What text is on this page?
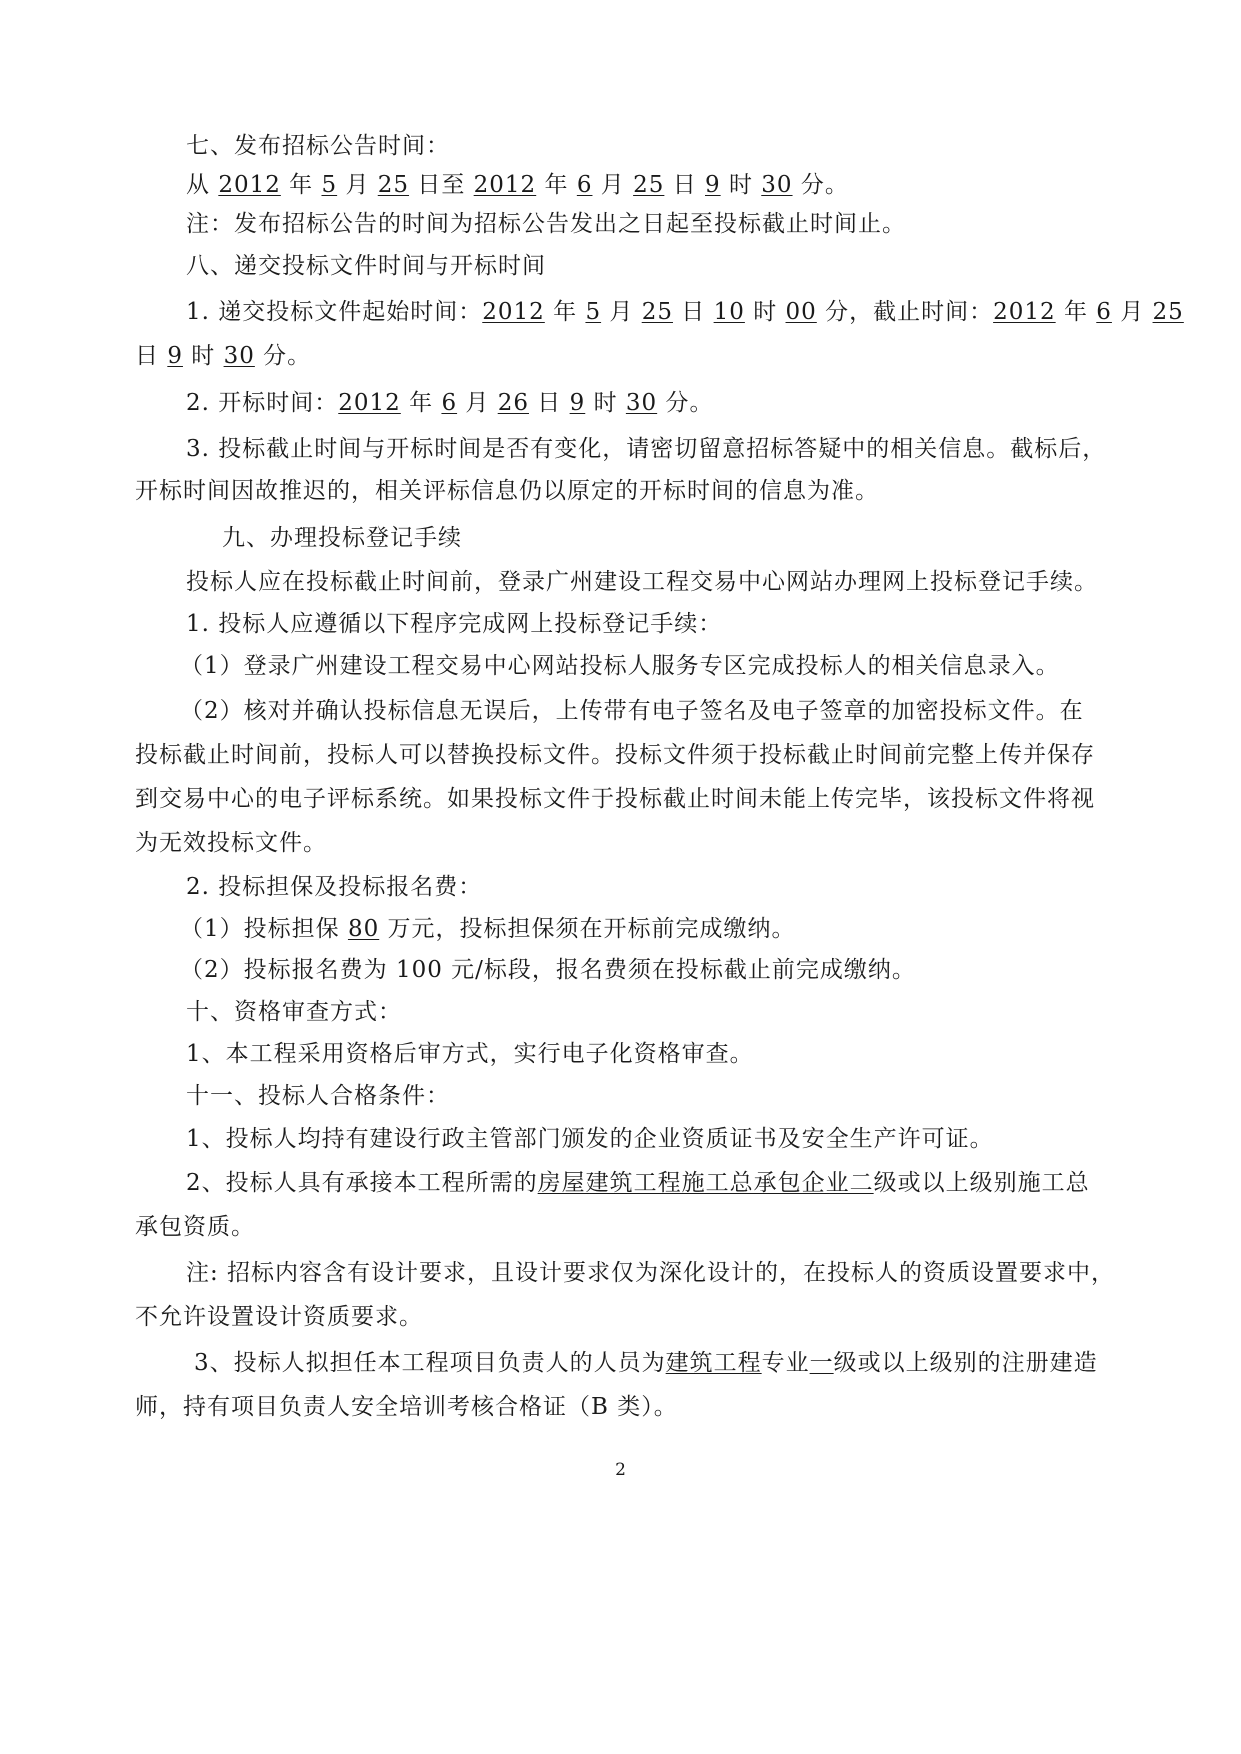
七、发布招标公告时间：
从 2012 年 5 月 25 日至 2012 年 6 月 25 日 9 时 30 分。
注：发布招标公告的时间为招标公告发出之日起至投标截止时间止。
八、递交投标文件时间与开标时间
1. 递交投标文件起始时间：2012 年 5 月 25 日 10 时 00 分，截止时间：2012 年 6 月 25
日 9 时 30 分。
2. 开标时间：2012 年 6 月 26 日 9 时 30 分。
3. 投标截止时间与开标时间是否有变化，请密切留意招标答疑中的相关信息。截标后，
开标时间因故推迟的，相关评标信息仍以原定的开标时间的信息为准。
九、办理投标登记手续
投标人应在投标截止时间前，登录广州建设工程交易中心网站办理网上投标登记手续。
1. 投标人应遵循以下程序完成网上投标登记手续：
（1）登录广州建设工程交易中心网站投标人服务专区完成投标人的相关信息录入。
（2）核对并确认投标信息无误后，上传带有电子签名及电子签章的加密投标文件。在
投标截止时间前，投标人可以替换投标文件。投标文件须于投标截止时间前完整上传并保存
到交易中心的电子评标系统。如果投标文件于投标截止时间未能上传完毕，该投标文件将视
为无效投标文件。
2. 投标担保及投标报名费：
（1）投标担保 80 万元，投标担保须在开标前完成缴纳。
（2）投标报名费为 100 元/标段，报名费须在投标截止前完成缴纳。
十、资格审查方式：
1、本工程采用资格后审方式，实行电子化资格审查。
十一、投标人合格条件：
1、投标人均持有建设行政主管部门颁发的企业资质证书及安全生产许可证。
2、投标人具有承接本工程所需的房屋建筑工程施工总承包企业二级或以上级别施工总
承包资质。
注: 招标内容含有设计要求，且设计要求仅为深化设计的，在投标人的资质设置要求中，
不允许设置设计资质要求。
3、投标人拟担任本工程项目负责人的人员为建筑工程专业一级或以上级别的注册建造
师，持有项目负责人安全培训考核合格证（B 类）。
2
